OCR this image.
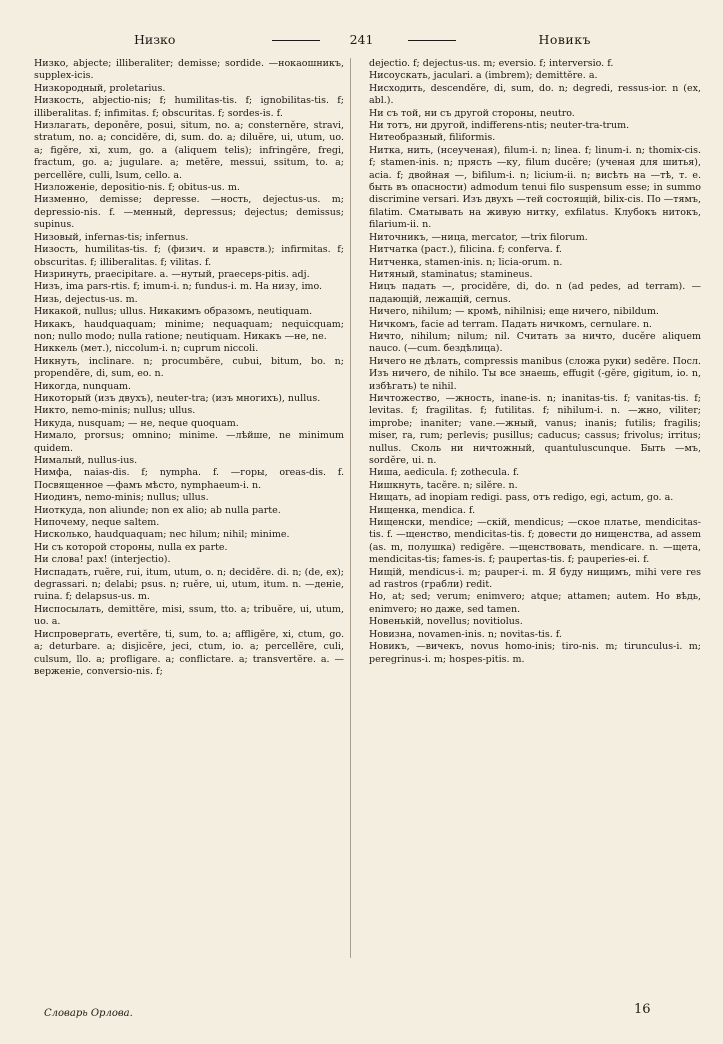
Низко	241	Новикъ

Низко, abjecte; illiberaliter; demisse; sordide. —нокаошникъ, supplex-icis.

Низкородный, proletarius.

Низкость, abjectio-nis; f; humilitas-tis. f; ignobilitas-tis. f; illiberalitas. f; infimitas. f; obscuritas. f; sordes-is. f.

Низлагать, deponĕre, posui, situm, no. a; consternĕre, stravi, stratum, no. a; concidĕre, di, sum. do. a; diluĕre, ui, utum, uo. a; figĕre, xi, xum, go. a (aliquem telis); infringĕre, fregi, fractum, go. a; jugulare. a; metĕre, messui, ssitum, to. a; percellĕre, culli, lsum, cello. a.

Низложеніе, depositio-nis. f; obitus-us. m.

Низменно, demisse; depresse. —ность, dejectus-us. m; depressio-nis. f. —менный, depressus; dejectus; demissus; supinus.

Низовый, infernas-tis; infernus.

Низость, humilitas-tis. f; (физич. и нравств.); infirmitas. f; obscuritas. f; illiberalitas. f; vilitas. f.

Низринуть, praecipitare. a. —нутый, praeceps-pitis. adj.

Низъ, ima pars-rtis. f; imum-i. n; fundus-i. m. На низу, imo.

Низь, dejectus-us. m.

Никакой, nullus; ullus. Никакимъ образомъ, neutiquam.

Никакъ, haudquaquam; minime; nequaquam; nequicquam; non; nullo modo; nulla ratione; neutiquam. Никакъ —не, ne.

Никкель (мет.), niccolum-i. n; cuprum niccoli.

Никнуть, inclinare. n; procumbĕre, cubui, bitum, bo. n; propendĕre, di, sum, eo. n.

Никогда, nunquam.

Никоторый (изъ двухъ), neuter-tra; (изъ многихъ), nullus.

Никто, nemo-minis; nullus; ullus.

Никуда, nusquam; — не, neque quoquam.

Нимало, prorsus; omnino; minime. —лѣйше, ne minimum quidem.

Нималый, nullus-ius.

Нимфа, naias-dis. f; nympha. f. —горы, oreas-dis. f. Посвященное —фамъ мѣсто, nymphaeum-i. n.

Ниодинъ, nemo-minis; nullus; ullus.

Ниоткуда, non aliunde; non ex alio; ab nulla parte.

Нипочему, neque saltem.

Нисколько, haudquaquam; nec hilum; nihil; minime.

Ни съ которой стороны, nulla ex parte.

Ни слова! pax! (interjectio).

Ниспадать, ruĕre, rui, itum, utum, o. n; decidĕre. di. n; (de, ex); degrassari. n; delabi; psus. n; ruĕre, ui, utum, itum. n. —деніе, ruina. f; delapsus-us. m.

Ниспосылать, demittĕre, misi, ssum, tto. a; tribuĕre, ui, utum, uo. a.

Ниспровергать, evertĕre, ti, sum, to. a; affligĕre, xi, ctum, go. a; deturbare. a; disjicĕre, jeci, ctum, io. a; percellĕre, culi, culsum, llo. a; profligare. a; conflictare. a; transvertĕre. a. —верженіе, conversio-nis. f;

dejectio. f; dejectus-us. m; eversio. f; interversio. f.

Нисоускать, jaculari. a (imbrem); demittĕre. a.

Нисходить, descendĕre, di, sum, do. n; degredi, ressus-ior. n (ex, abl.).

Ни съ той, ни съ другой стороны, neutro.

Ни тотъ, ни другой, indifferens-ntis; neuter-tra-trum.

Нитеобразный, filiformis.

Нитка, нить, (нсеученая), filum-i. n; linea. f; linum-i. n; thomix-cis. f; stamen-inis. n; прясть —ку, filum ducĕre; (ученая для шитья), acia. f; двойная —, bifilum-i. n; licium-ii. n; висѣть на —тѣ, т. е. быть въ опасности) admodum tenui filo suspensum esse; in summo discrimine versari. Изъ двухъ —тей состоящій, bilix-cis. По —тямъ, filatim. Сматывать на живую нитку, exfilatus. Клубокъ нитокъ, filarium-ii. n.

Ниточникъ, —ница, mercator, —trix filorum.

Нитчатка (раст.), filicina. f; conferva. f.

Нитченка, stamen-inis. n; licia-orum. n.

Нитяный, staminatus; stamineus.

Ницъ падать —, procidĕre, di, do. n (ad pedes, ad terram). —падающій, лежащій, cernus.

Ничего, nihilum; — кромѣ, nihilnisi; еще ничего, nibildum.

Ничкомъ, facie ad terram. Падать ничкомъ, cernulare. n.

Ничто, nihilum; nilum; nil. Считать за ничто, ducĕre aliquem nauco. (—cum. бездѣлица).

Ничего не дѣлать, compressis manibus (сложа руки) sedĕre. Посл. Изъ ничего, de nihilo. Ты все знаешь, effugit (-gĕre, gigitum, io. n, избѣгать) te nihil.

Ничтожество, —жность, inane-is. n; inanitas-tis. f; vanitas-tis. f; levitas. f; fragilitas. f; futilitas. f; nihilum-i. n. —жно, viliter; improbe; inaniter; vane.—жный, vanus; inanis; futilis; fragilis; miser, ra, rum; perlevis; pusillus; caducus; cassus; frivolus; irritus; nullus. Сколь ни ничтожный, quantuluscunque. Быть —мъ, sordĕre, ui. n.

Ниша, aedicula. f; zothecula. f.

Нишкнуть, tacĕre. n; silĕre. n.

Нищать, ad inopiam redigi. pass, отъ redigo, egi, actum, go. a.

Нищенка, mendica. f.

Нищенски, mendice; —скій, mendicus; —ское платье, mendicitas-tis. f. —щенство, mendicitas-tis. f; довести до нищенства, ad assem (as. m, полушка) redigĕre. —щенствовать, mendicare. n. —щета, mendicitas-tis; fames-is. f; paupertas-tis. f; pauperies-ei. f.

Нищій, mendicus-i. m; pauper-i. m. Я буду нищимъ, mihi vere res ad rastros (грабли) redit.

Но, at; sed; verum; enimvero; atque; attamen; autem. Но вѣдь, enimvero; но даже, sed tamen.

Новенькій, novellus; novitiolus.

Новизна, novamen-inis. n; novitas-tis. f.

Новикъ, —вичекъ, novus homo-inis; tiro-nis. m; tirunculus-i. m; peregrinus-i. m; hospes-pitis. m.

Словарь Орлова.	16
